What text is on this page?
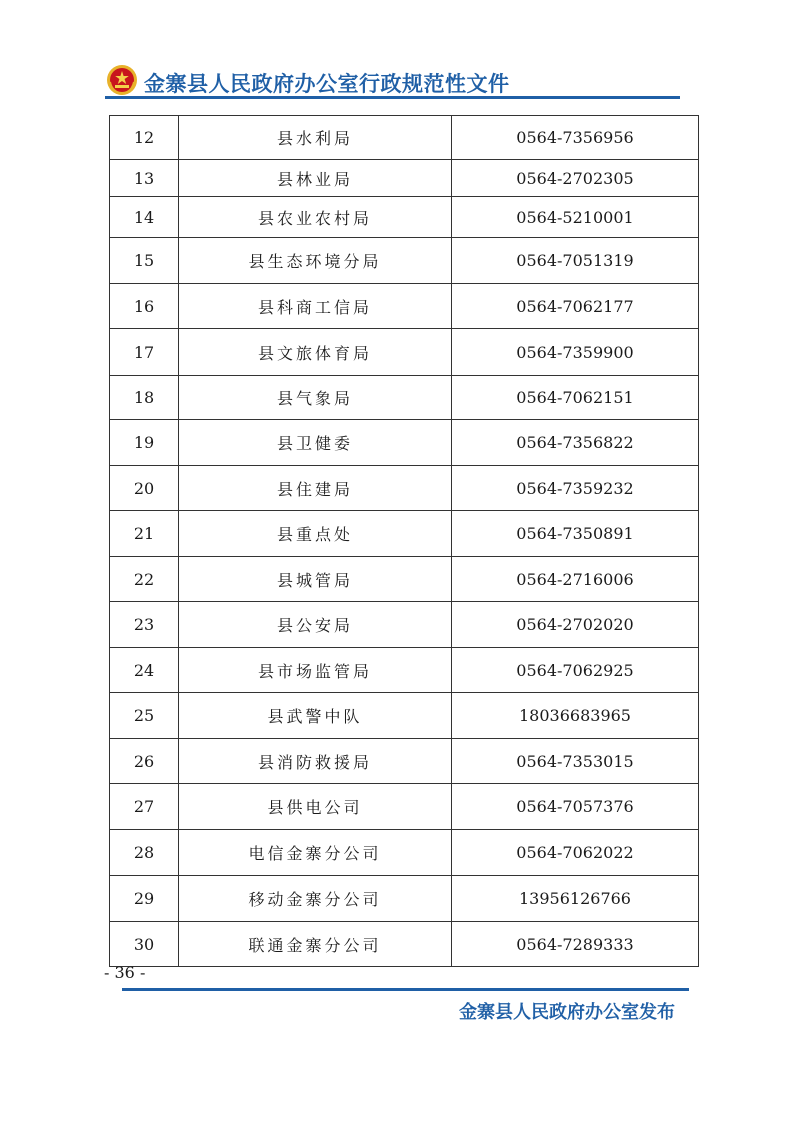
金寨县人民政府办公室行政规范性文件
12	县水利局	0564-7356956
13	县林业局	0564-2702305
14	县农业农村局	0564-5210001
15	县生态环境分局	0564-7051319
16	县科商工信局	0564-7062177
17	县文旅体育局	0564-7359900
18	县气象局	0564-7062151
19	县卫健委	0564-7356822
20	县住建局	0564-7359232
21	县重点处	0564-7350891
22	县城管局	0564-2716006
23	县公安局	0564-2702020
24	县市场监管局	0564-7062925
25	县武警中队	18036683965
26	县消防救援局	0564-7353015
27	县供电公司	0564-7057376
28	电信金寨分公司	0564-7062022
29	移动金寨分公司	13956126766
30	联通金寨分公司	0564-7289333
- 36 -
金寨县人民政府办公室发布
